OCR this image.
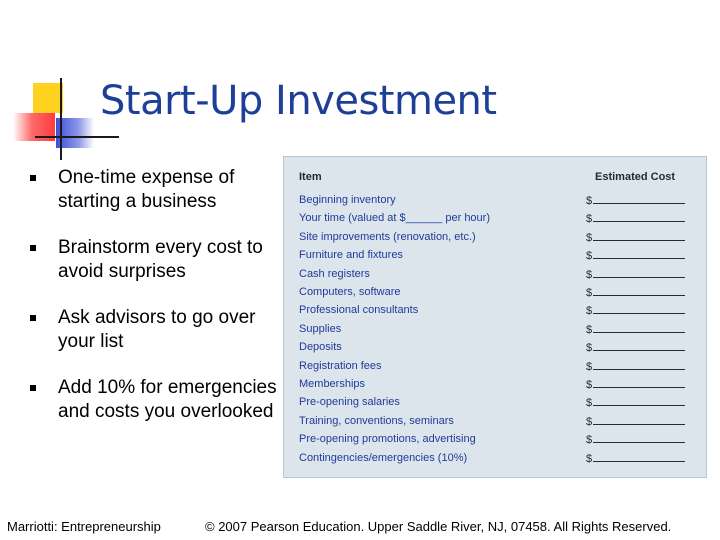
Start-Up Investment
One-time expense of starting a business
Brainstorm every cost to avoid surprises
Ask advisors to go over your list
Add 10% for emergencies and costs you overlooked
Item	Estimated Cost
Beginning inventory	$
Your time (valued at $______ per hour)	$
Site improvements (renovation, etc.)	$
Furniture and fixtures	$
Cash registers	$
Computers, software	$
Professional consultants	$
Supplies	$
Deposits	$
Registration fees	$
Memberships	$
Pre-opening salaries	$
Training, conventions, seminars	$
Pre-opening promotions, advertising	$
Contingencies/emergencies (10%)	$
Marriotti: Entrepreneurship	© 2007 Pearson Education. Upper Saddle River, NJ, 07458. All Rights Reserved.
